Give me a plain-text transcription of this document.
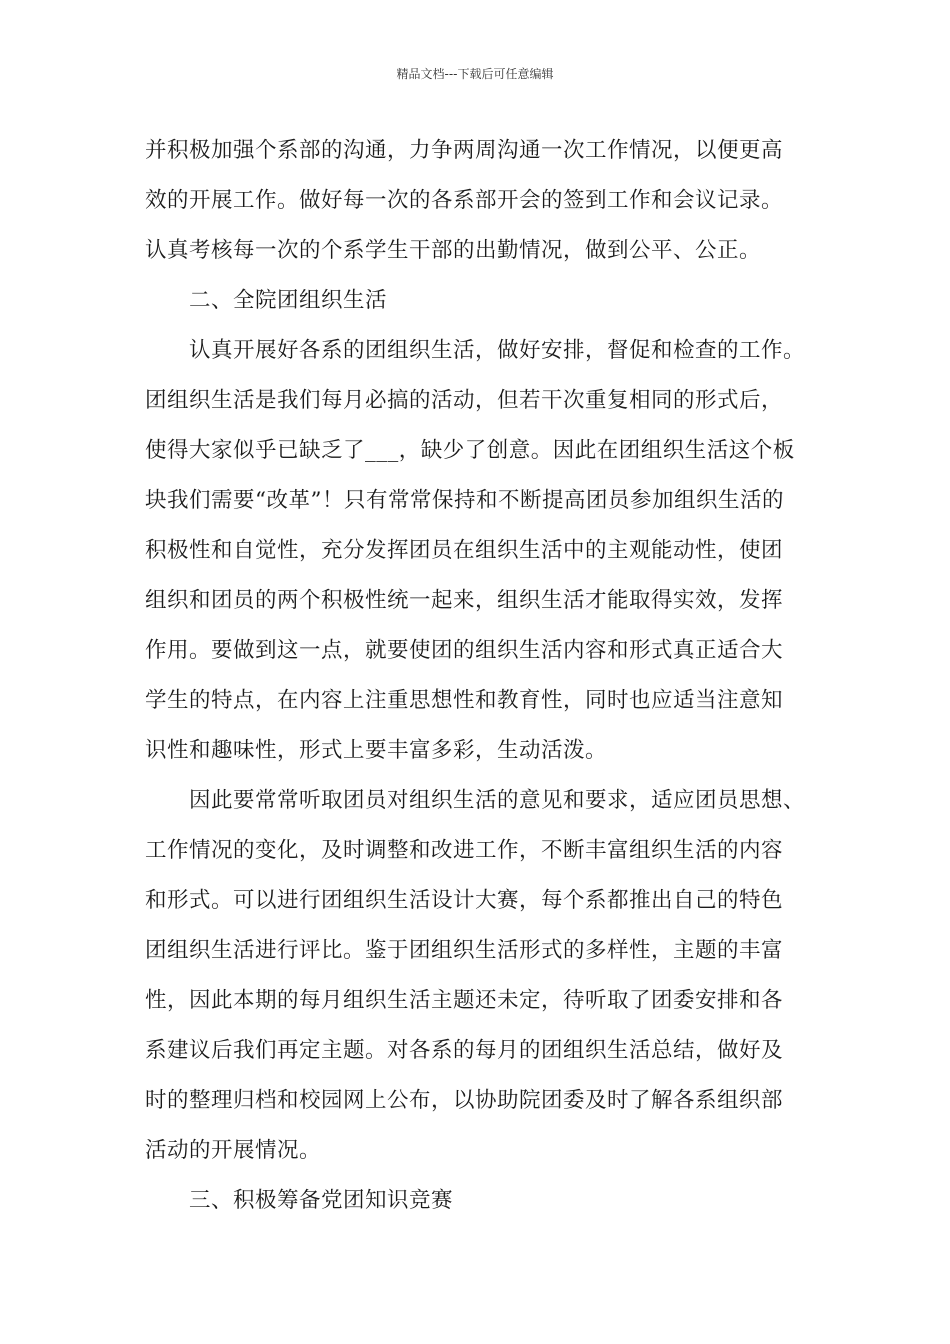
精品文档---下载后可任意编辑
并积极加强个系部的沟通，力争两周沟通一次工作情况，以便更高
效的开展工作。做好每一次的各系部开会的签到工作和会议记录。
认真考核每一次的个系学生干部的出勤情况，做到公平、公正。
二、全院团组织生活
认真开展好各系的团组织生活，做好安排，督促和检查的工作。
团组织生活是我们每月必搞的活动，但若干次重复相同的形式后，
使得大家似乎已缺乏了___，缺少了创意。因此在团组织生活这个板
块我们需要“改革”！只有常常保持和不断提高团员参加组织生活的
积极性和自觉性，充分发挥团员在组织生活中的主观能动性，使团
组织和团员的两个积极性统一起来，组织生活才能取得实效，发挥
作用。要做到这一点，就要使团的组织生活内容和形式真正适合大
学生的特点，在内容上注重思想性和教育性，同时也应适当注意知
识性和趣味性，形式上要丰富多彩，生动活泼。
因此要常常听取团员对组织生活的意见和要求，适应团员思想、
工作情况的变化，及时调整和改进工作，不断丰富组织生活的内容
和形式。可以进行团组织生活设计大赛，每个系都推出自己的特色
团组织生活进行评比。鉴于团组织生活形式的多样性，主题的丰富
性，因此本期的每月组织生活主题还未定，待听取了团委安排和各
系建议后我们再定主题。对各系的每月的团组织生活总结，做好及
时的整理归档和校园网上公布，以协助院团委及时了解各系组织部
活动的开展情况。
三、积极筹备党团知识竞赛
